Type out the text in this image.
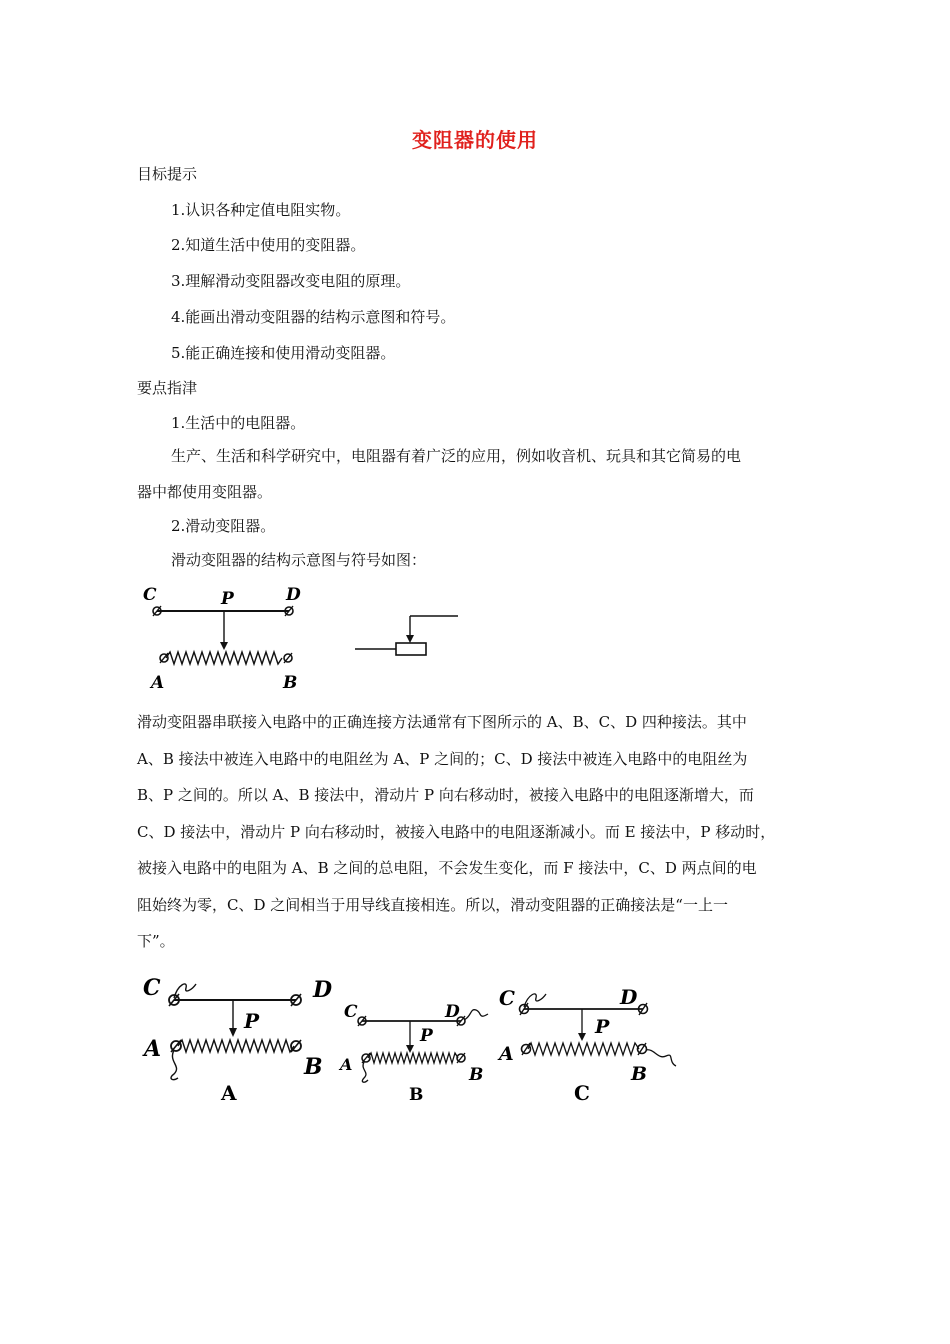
变阻器的使用
目标提示
1.认识各种定值电阻实物。
2.知道生活中使用的变阻器。
3.理解滑动变阻器改变电阻的原理。
4.能画出滑动变阻器的结构示意图和符号。
5.能正确连接和使用滑动变阻器。
要点指津
1.生活中的电阻器。
生产、生活和科学研究中，电阻器有着广泛的应用，例如收音机、玩具和其它简易的电
器中都使用变阻器。
2.滑动变阻器。
滑动变阻器的结构示意图与符号如图：
C	P	D
A	B
滑动变阻器串联接入电路中的正确连接方法通常有下图所示的 A、B、C、D 四种接法。其中
A、B 接法中被连入电路中的电阻丝为 A、P 之间的；C、D 接法中被连入电路中的电阻丝为
B、P 之间的。所以 A、B 接法中，滑动片 P 向右移动时，被接入电路中的电阻逐渐增大，而
C、D 接法中，滑动片 P 向右移动时，被接入电路中的电阻逐渐减小。而 E 接法中，P 移动时，
被接入电路中的电阻为 A、B 之间的总电阻，不会发生变化，而 F 接法中，C、D 两点间的电
阻始终为零，C、D 之间相当于用导线直接相连。所以，滑动变阻器的正确接法是“一上一
下”。
C	D
P
A
B
A
C	D
P
A
B
B
C	D
P
A
B
C
